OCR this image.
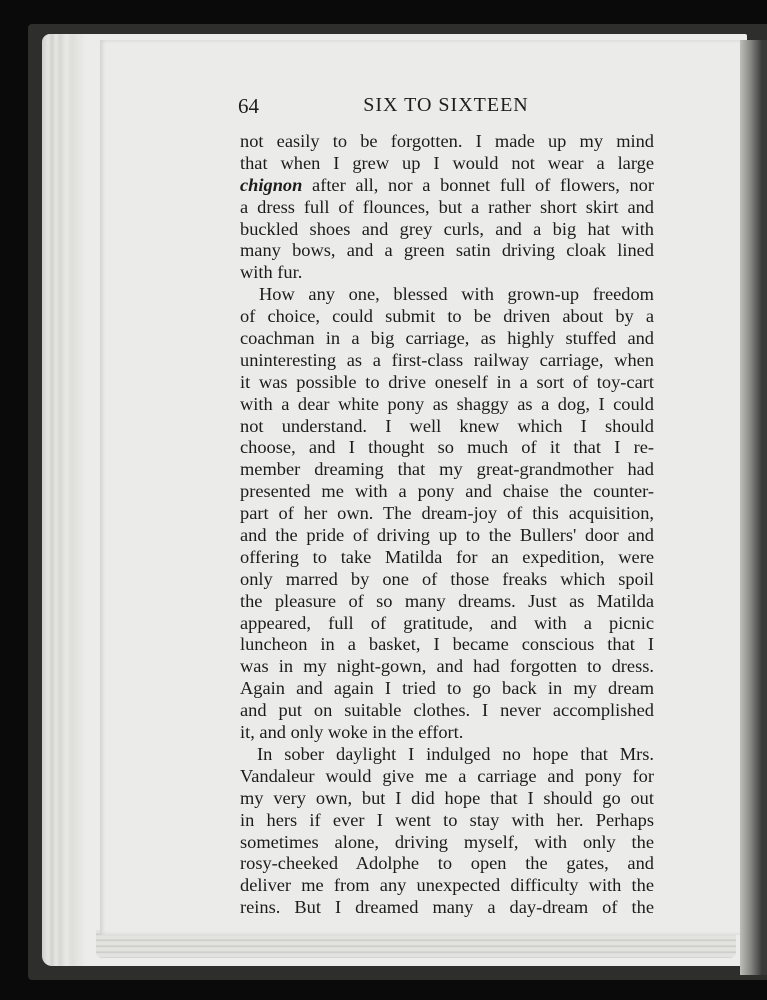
64	SIX TO SIXTEEN
not easily to be forgotten. I made up my mind
that when I grew up I would not wear a large
chignon after all, nor a bonnet full of flowers, nor
a dress full of flounces, but a rather short skirt and
buckled shoes and grey curls, and a big hat with
many bows, and a green satin driving cloak lined
with fur.
How any one, blessed with grown-up freedom
of choice, could submit to be driven about by a
coachman in a big carriage, as highly stuffed and
uninteresting as a first-class railway carriage, when
it was possible to drive oneself in a sort of toy-cart
with a dear white pony as shaggy as a dog, I could
not understand. I well knew which I should
choose, and I thought so much of it that I re-
member dreaming that my great-grandmother had
presented me with a pony and chaise the counter-
part of her own. The dream-joy of this acquisition,
and the pride of driving up to the Bullers' door and
offering to take Matilda for an expedition, were
only marred by one of those freaks which spoil
the pleasure of so many dreams. Just as Matilda
appeared, full of gratitude, and with a picnic
luncheon in a basket, I became conscious that I
was in my night-gown, and had forgotten to dress.
Again and again I tried to go back in my dream
and put on suitable clothes. I never accomplished
it, and only woke in the effort.
In sober daylight I indulged no hope that Mrs.
Vandaleur would give me a carriage and pony for
my very own, but I did hope that I should go out
in hers if ever I went to stay with her. Perhaps
sometimes alone, driving myself, with only the
rosy-cheeked Adolphe to open the gates, and
deliver me from any unexpected difficulty with the
reins. But I dreamed many a day-dream of the
